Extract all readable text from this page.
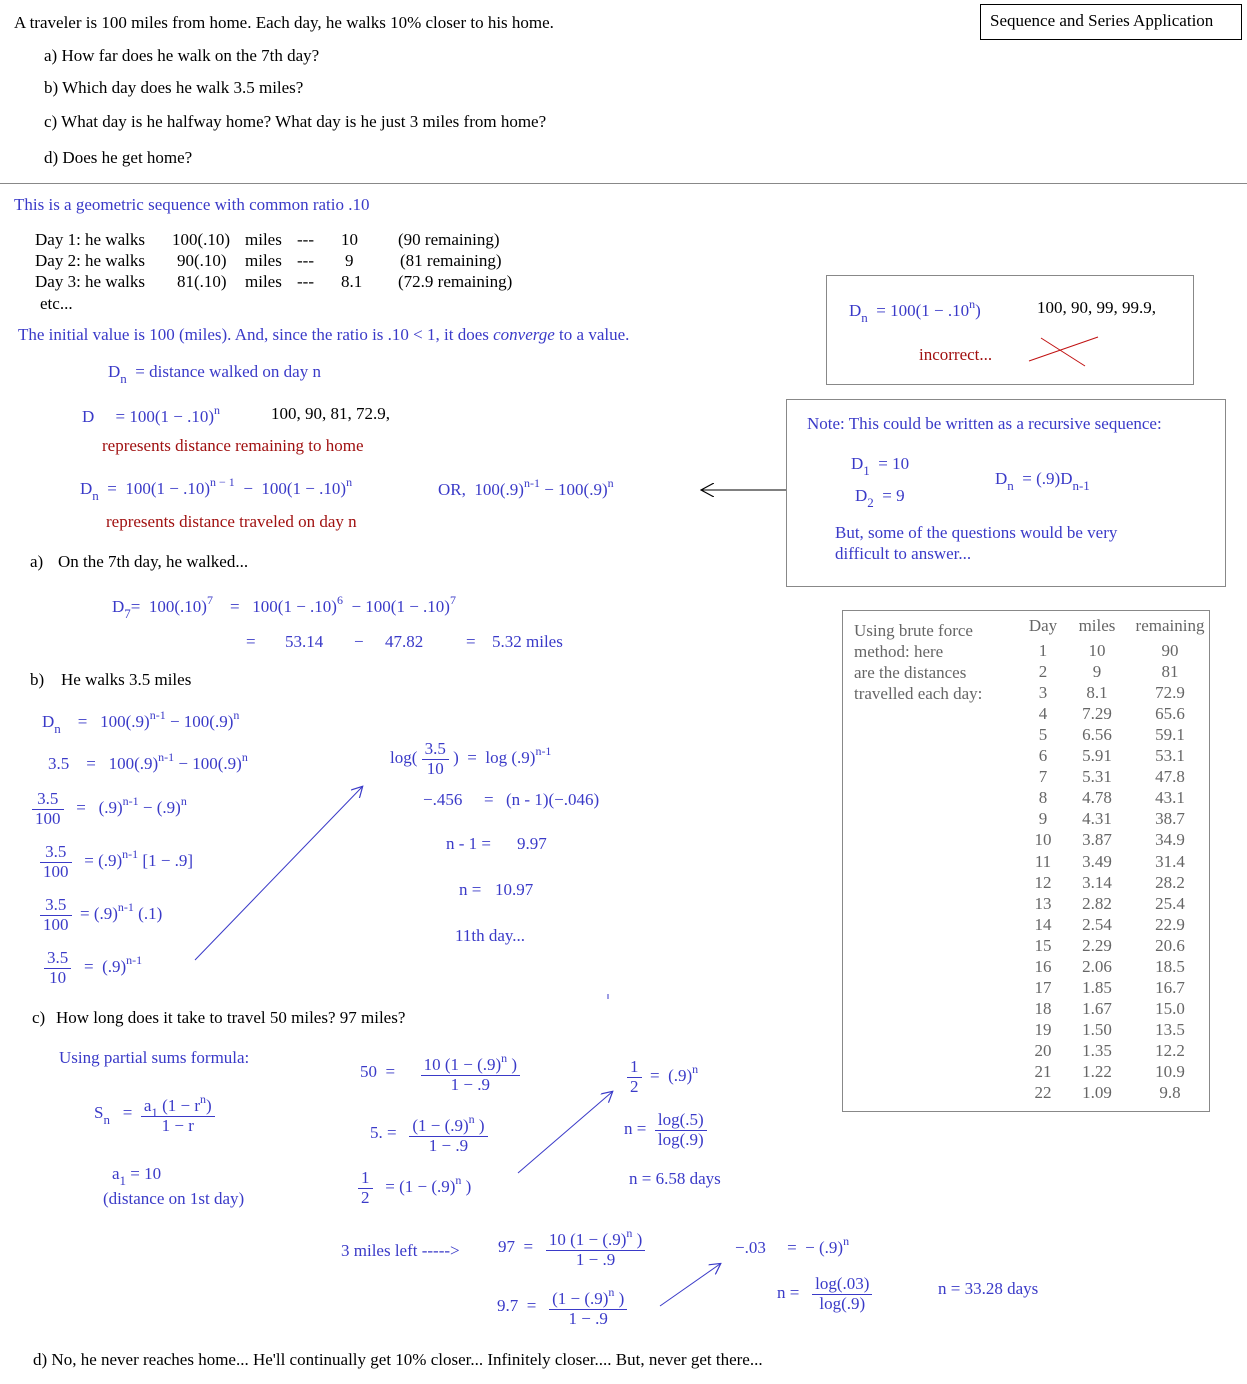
A traveler is 100 miles from home. Each day, he walks 10% closer to his home.	Sequence and Series Application
a) How far does he walk on the 7th day?
b) Which day does he walk 3.5 miles?
c) What day is he halfway home? What day is he just 3 miles from home?
d) Does he get home?
This is a geometric sequence with common ratio .10
Day 1: he walks 100(.10) miles --- 10 (90 remaining)
Day 2: he walks 90(.10) miles --- 9	(81 remaining)
Day 3: he walks 81(.10) miles --- 8.1 (72.9 remaining)
etc...
The initial value is 100 (miles). And, since the ratio is .10 < 1, it does converge to a value.
$D_n$ = distance walked on day n
D     = $100(1 - .10)^n$	100, 90, 81, 72.9,
represents distance remaining to home
$D_n = 100(1 - .10)^{n - 1} - 100(1 - .10)^n$	OR,  $100(.9)^{n-1} - 100(.9)^n$
represents distance traveled on day n
$D_n = 100(1 - .10^n)$	100, 90, 99, 99.9,
incorrect...
Note: This could be written as a recursive sequence:
$D_1 = 10$
$D_2 = 9$
$D_n = (.9)D_{n-1}$
But, some of the questions would be very
difficult to answer...
a) On the 7th day, he walked...
$D_7= 100(.10)^7$    =   $100(1 - .10)^6 - 100(1 - .10)^7$
= 53.14 − 47.82	= 5.32 miles
b) He walks 3.5 miles
$D_n$    =   $100(.9)^{n-1} - 100(.9)^n$
3.5    =   $100(.9)^{n-1} - 100(.9)^n$
$\frac{3.5}{100} = (.9)^{n-1} - (.9)^n$
$\frac{3.5}{100} = (.9)^{n-1}$ [1 − .9]
$\frac{3.5}{100} = (.9)^{n-1}$ (.1)
$\frac{3.5}{10} = (.9)^{n-1}$
$\log( \frac{3.5}{10}$ )  =  $\log (.9)^{n-1}$
−.456 = (n - 1)(−.046)
n - 1 = 9.97
n = 10.97
11th day...
Using brute force
method: here
are the distances
travelled each day:
Day	miles	remaining
1	10	90
2	9	81
3	8.1	72.9
4	7.29	65.6
5	6.56	59.1
6	5.91	53.1
7	5.31	47.8
8	4.78	43.1
9	4.31	38.7
10	3.87	34.9
11	3.49	31.4
12	3.14	28.2
13	2.82	25.4
14	2.54	22.9
15	2.29	20.6
16	2.06	18.5
17	1.85	16.7
18	1.67	15.0
19	1.50	13.5
20	1.35	12.2
21	1.22	10.9
22	1.09	9.8
c) How long does it take to travel 50 miles? 97 miles?
Using partial sums formula:
$S_n = \frac{a_1 (1 - r^n)}{1 - r}$
$a_1 = 10$
(distance on 1st day)
$50 = \frac{10 (1 - (.9)^n )}{1 - .9}$
5. = $\frac{(1 - (.9)^n )}{1 - .9}$
$\frac{1}{2} = (1 - (.9)^n$ )
$\frac{1}{2} = (.9)^n$
$n = \frac{\log(.5)}{\log(.9)}$
n = 6.58 days
3 miles left -----> $97 = \frac{10 (1 - (.9)^n )}{1 - .9}$
$9.7 = \frac{(1 - (.9)^n )}{1 - .9}$
−.03     =  − $(.9)^n$
$n = \frac{\log(.03)}{\log(.9)}$	n = 33.28 days
d) No, he never reaches home... He'll continually get 10% closer... Infinitely closer.... But, never get there...
